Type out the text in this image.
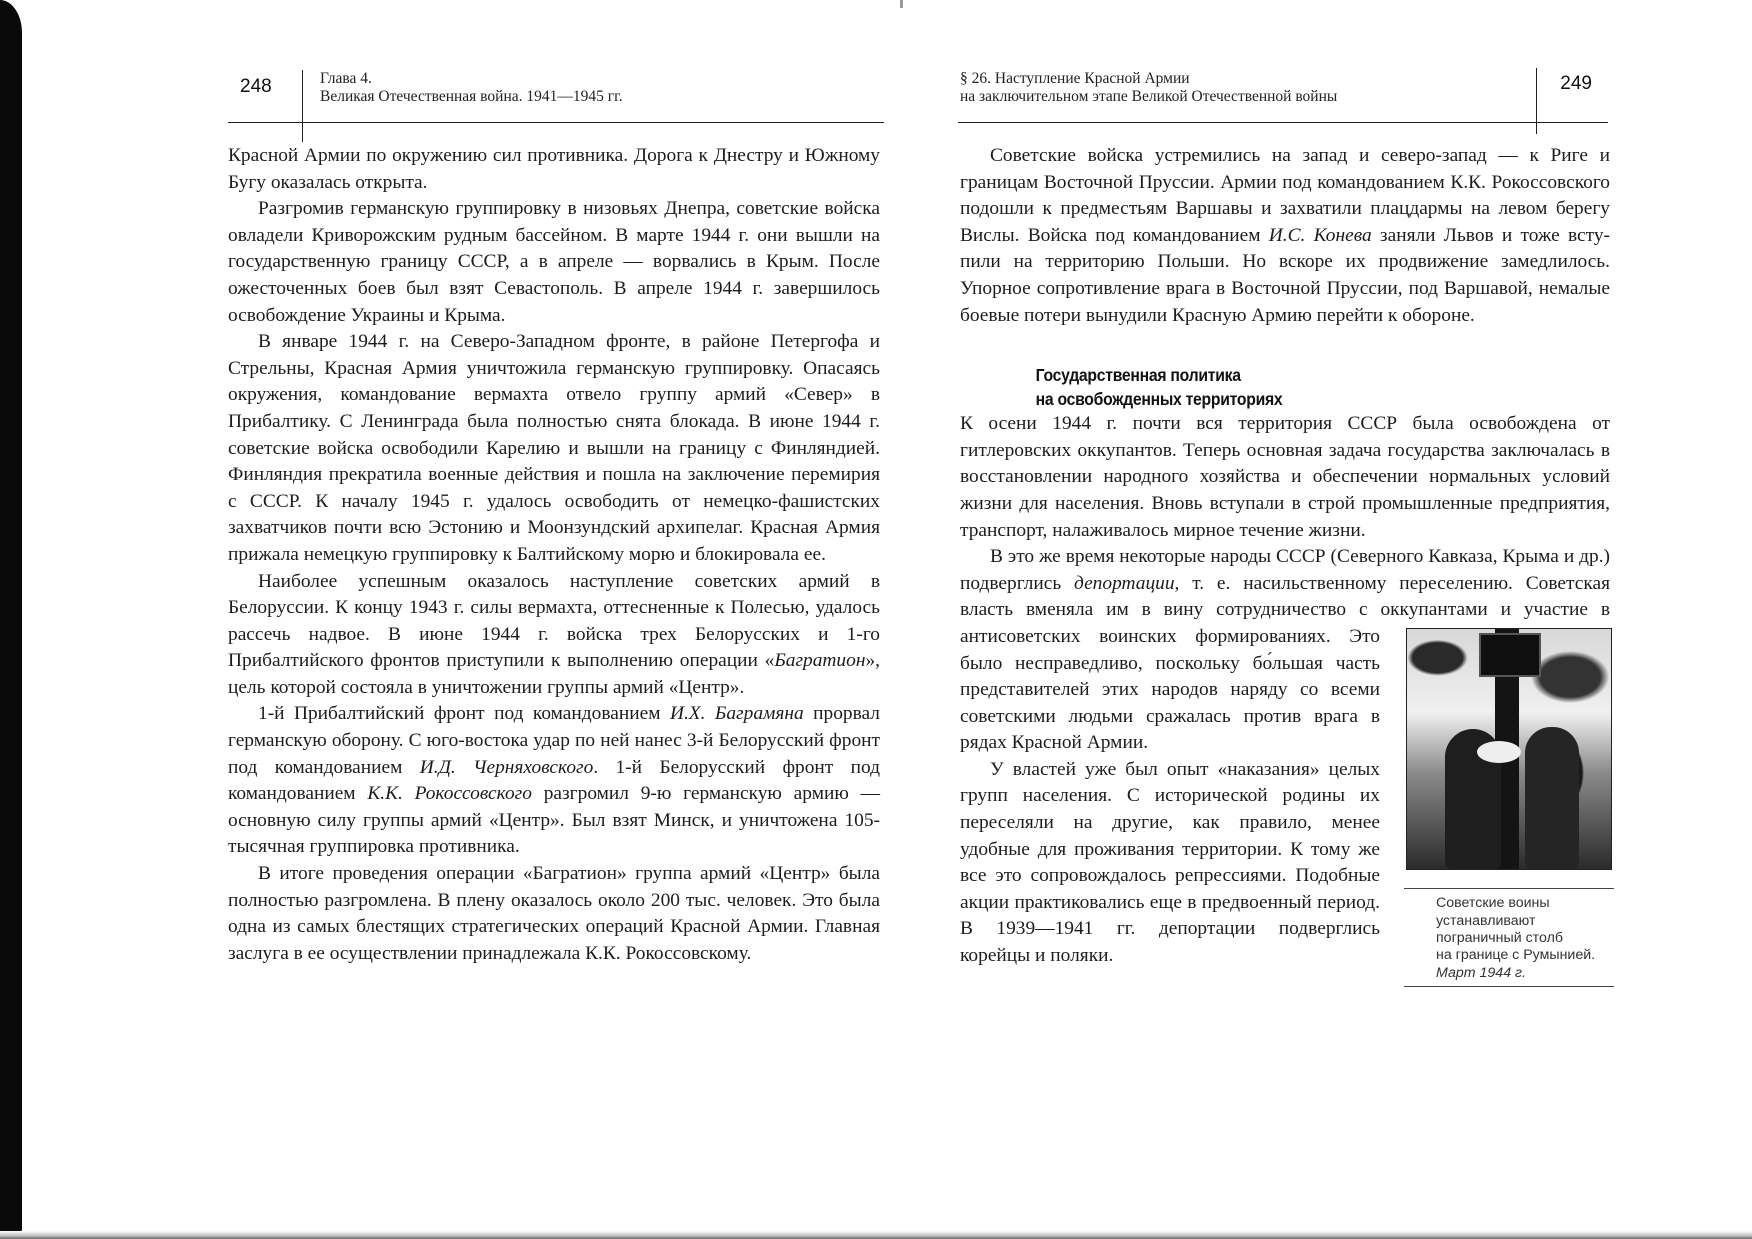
248	Глава 4.
Великая Отечественная война. 1941—1945 гг.

Красной Армии по окружению сил противника. Дорога к Днестру и Южному Бугу оказалась открыта.

Разгромив германскую группировку в низовьях Днепра, советские войска овладели Криворожским рудным бассейном. В марте 1944 г. они вышли на государственную границу СССР, а в апреле — ворвались в Крым. После ожесточенных боев был взят Севастополь. В апреле 1944 г. завершилось освобождение Украины и Крыма.

В январе 1944 г. на Северо-Западном фронте, в районе Петергофа и Стрельны, Красная Армия уничтожила германскую группировку. Опасаясь окружения, командование вермахта отвело группу армий «Север» в Прибалтику. С Ленинграда была полностью снята блокада. В июне 1944 г. советские войска освободили Карелию и вышли на границу с Финляндией. Финляндия прекратила военные действия и пошла на заключение перемирия с СССР. К началу 1945 г. удалось освободить от немецко-фашистских захватчиков почти всю Эстонию и Моонзундский архипелаг. Красная Армия прижала немецкую группировку к Балтийскому морю и блокировала ее.

Наиболее успешным оказалось наступление советских армий в Белоруссии. К концу 1943 г. силы вермахта, оттесненные к Полесью, удалось рассечь надвое. В июне 1944 г. войска трех Белорусских и 1-го Прибалтийского фронтов приступили к выполнению операции «Багратион», цель которой состояла в уничтожении группы армий «Центр».

1-й Прибалтийский фронт под командованием И.Х. Баграмяна прорвал германскую оборону. С юго-востока удар по ней нанес 3-й Белорусский фронт под командованием И.Д. Черняховского. 1-й Белорусский фронт под командованием К.К. Рокоссовского разгромил 9-ю германскую армию — основную силу группы армий «Центр». Был взят Минск, и уничтожена 105-тысячная группировка противника.

В итоге проведения операции «Багратион» группа армий «Центр» была полностью разгромлена. В плену оказалось около 200 тыс. человек. Это была одна из самых блестящих стратегических операций Красной Армии. Главная заслуга в ее осуществлении принадлежала К.К. Рокоссовскому.

§ 26. Наступление Красной Армии
на заключительном этапе Великой Отечественной войны
249

Советские войска устремились на запад и северо-запад — к Риге и границам Восточной Пруссии. Армии под командованием К.К. Рокоссовского подошли к предместьям Варшавы и захватили плацдармы на левом берегу Вислы. Войска под командованием И.С. Конева заняли Львов и тоже вступили на территорию Польши. Но вскоре их продвижение замедлилось. Упорное сопротивление врага в Восточной Пруссии, под Варшавой, немалые боевые потери вынудили Красную Армию перейти к обороне.

Государственная политика
на освобожденных территориях

К осени 1944 г. почти вся территория СССР была освобождена от гитлеровских оккупантов. Теперь основная задача государства заключалась в восстановлении народного хозяйства и обеспечении нормальных условий жизни для населения. Вновь вступали в строй промышленные предприятия, транспорт, налаживалось мирное течение жизни.

Советские воины
устанавливают
пограничный столб
на границе с Румынией.
Март 1944 г.
В это же время некоторые народы СССР (Северного Кавказа, Крыма и др.) подверглись депортации, т. е. насильственному переселению. Советская власть вменяла им в вину сотрудничество с оккупантами и участие в антисоветских воинских формированиях. Это было несправедливо, поскольку бо́льшая часть представителей этих народов наряду со всеми советскими людьми сражалась против врага в рядах Красной Армии.

У властей уже был опыт «наказания» целых групп населения. С исторической родины их переселяли на другие, как правило, менее удобные для проживания территории. К тому же все это сопровождалось репрессиями. Подобные акции практиковались еще в предвоенный период. В 1939—1941 гг. депортации подверглись корейцы и поляки.
